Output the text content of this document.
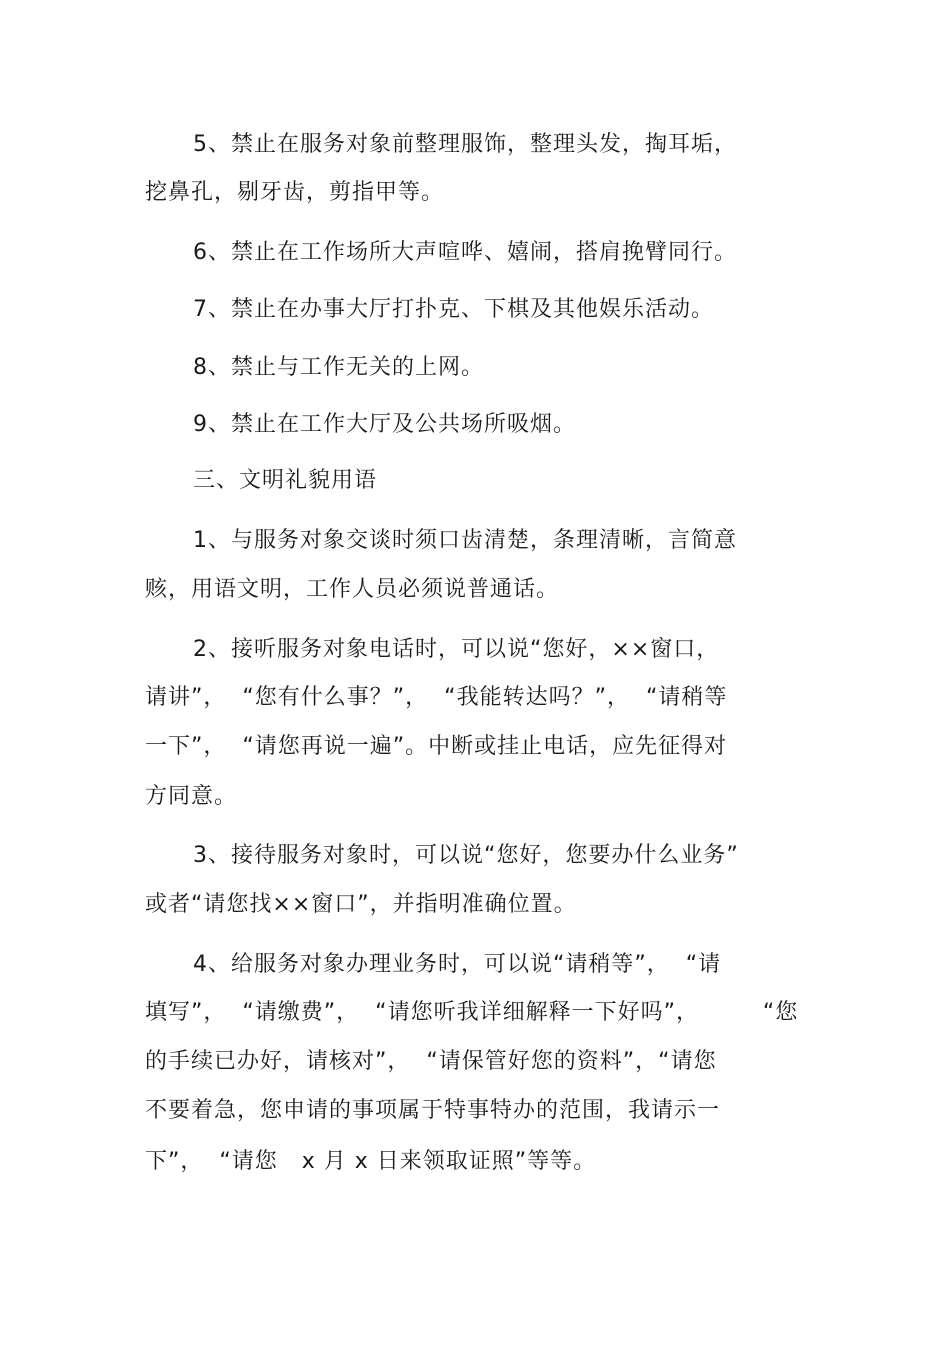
5、禁止在服务对象前整理服饰，整理头发，掏耳垢，
挖鼻孔，剔牙齿，剪指甲等。
6、禁止在工作场所大声喧哗、嬉闹，搭肩挽臂同行。
7、禁止在办事大厅打扑克、下棋及其他娱乐活动。
8、禁止与工作无关的上网。
9、禁止在工作大厅及公共场所吸烟。
三、文明礼貌用语
1、与服务对象交谈时须口齿清楚，条理清晰，言简意
赅，用语文明，工作人员必须说普通话。
2、接听服务对象电话时，可以说“您好，××窗口，
请讲”，  “您有什么事？”，  “我能转达吗？”，  “请稍等
一下”，  “请您再说一遍”。中断或挂止电话，应先征得对
方同意。
3、接待服务对象时，可以说“您好，您要办什么业务”
或者“请您找××窗口”，并指明准确位置。
4、给服务对象办理业务时，可以说“请稍等”，  “请
填写”，  “请缴费”，  “请您听我详细解释一下好吗”，        “您
的手续已办好，请核对”，  “请保管好您的资料”，“请您
不要着急，您申请的事项属于特事特办的范围，我请示一
下”，  “请您   x 月 x 日来领取证照”等等。
